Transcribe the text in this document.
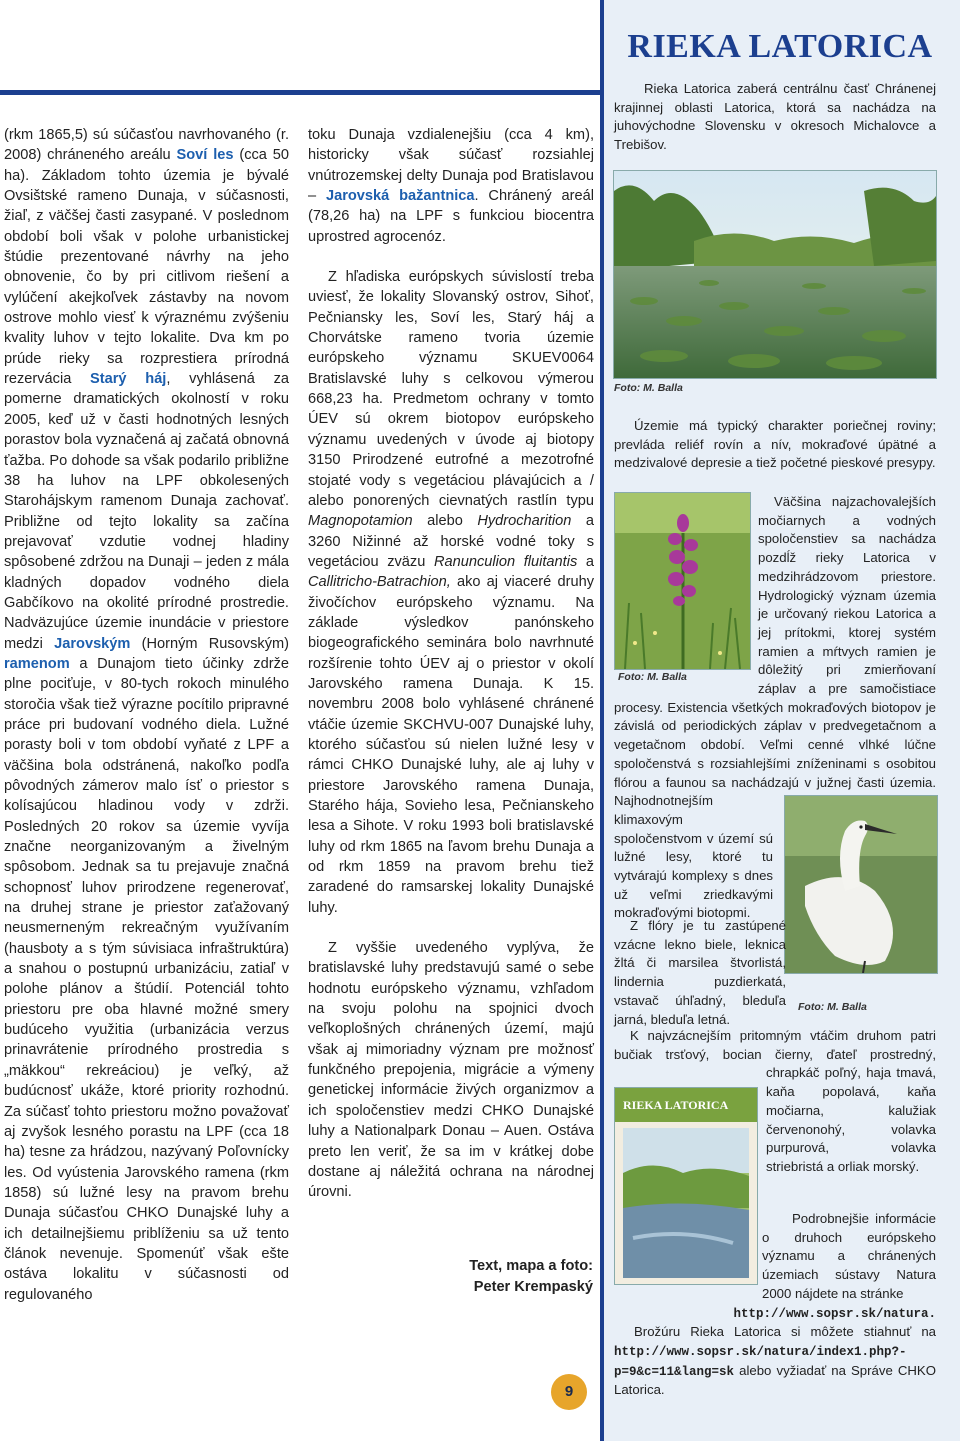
RIEKA LATORICA

(rkm 1865,5) sú súčasťou navrhovaného (r. 2008) chráneného areálu Soví les (cca 50 ha). Základom tohto územia je bývalé Ovsištské rameno Dunaja, v súčasnosti, žiaľ, z väčšej časti zasypané. V poslednom období boli však v polohe urbanistickej štúdie prezentované návrhy na jeho obnovenie, čo by pri citlivom riešení a vylúčení akejkoľvek zástavby na novom ostrove mohlo viesť k výraznému zvýšeniu kvality luhov v tejto lokalite. Dva km po prúde rieky sa rozprestiera prírodná rezervácia Starý háj, vyhlásená za pomerne dramatických okolností v roku 2005, keď už v časti hodnotných lesných porastov bola vyznačená aj začatá obnovná ťažba. Po dohode sa však podarilo približne 38 ha luhov na LPF obkolesených Starohájskym ramenom Dunaja zachovať. Približne od tejto lokality sa začína prejavovať vzdutie vodnej hladiny spôsobené zdržou na Dunaji – jeden z mála kladných dopadov vodného diela Gabčíkovo na okolité prírodné prostredie. Nadväzujúce územie inundácie v priestore medzi Jarovským (Horným Rusovským) ramenom a Dunajom tieto účinky zdrže plne pociťuje, v 80-tych rokoch minulého storočia však tiež výrazne pocítilo pripravné práce pri budovaní vodného diela. Lužné porasty boli v tom období vyňaté z LPF a väčšina bola odstránená, nakoľko podľa pôvodných zámerov malo ísť o priestor s kolísajúcou hladinou vody v zdrži. Posledných 20 rokov sa územie vyvíja značne neorganizovaným a živelným spôsobom. Jednak sa tu prejavuje značná schopnosť luhov prirodzene regenerovať, na druhej strane je priestor zaťažovaný neusmerneným rekreačným využívaním (hausboty a s tým súvisiaca infraštruktúra) a snahou o postupnú urbanizáciu, zatiaľ v polohe plánov a štúdií. Potenciál tohto priestoru pre oba hlavné možné smery budúceho využitia (urbanizácia verzus prinavrátenie prírodného prostredia s „mäkkou“ rekreáciou) je veľký, až budúcnosť ukáže, ktoré priority rozhodnú. Za súčasť tohto priestoru možno považovať aj zvyšok lesného porastu na LPF (cca 18 ha) tesne za hrádzou, nazývaný Poľovnícky les. Od vyústenia Jarovského ramena (rkm 1858) sú lužné lesy na pravom brehu Dunaja súčasťou CHKO Dunajské luhy a ich detailnejšiemu priblíženiu sa už tento článok nevenuje. Spomenúť však ešte ostáva lokalitu v súčasnosti od regulovaného

toku Dunaja vzdialenejšiu (cca 4 km), historicky však súčasť rozsiahlej vnútrozemskej delty Dunaja pod Bratislavou – Jarovská bažantnica. Chránený areál (78,26 ha) na LPF s funkciou biocentra uprostred agrocenóz.

Z hľadiska európskych súvislostí treba uviesť, že lokality Slovanský ostrov, Sihoť, Pečniansky les, Soví les, Starý háj a Chorvátske rameno tvoria územie európskeho významu SKUEV0064 Bratislavské luhy s celkovou výmerou 668,23 ha. Predmetom ochrany v tomto ÚEV sú okrem biotopov európskeho významu uvedených v úvode aj biotopy 3150 Prirodzené eutrofné a mezotrofné stojaté vody s vegetáciou plávajúcich a / alebo ponorených cievnatých rastlín typu Magnopotamion alebo Hydrocharition a 3260 Nižinné až horské vodné toky s vegetáciou zväzu Ranunculion fluitantis a Callitricho-Batrachion, ako aj viaceré druhy živočíchov európskeho významu. Na základe výsledkov panónskeho biogeografického seminára bolo navrhnuté rozšírenie tohto ÚEV aj o priestor v okolí Jarovského ramena Dunaja. K 15. novembru 2008 bolo vyhlásené chránené vtáčie územie SKCHVU-007 Dunajské luhy, ktorého súčasťou sú nielen lužné lesy v rámci CHKO Dunajské luhy, ale aj luhy v priestore Jarovského ramena Dunaja, Starého hája, Sovieho lesa, Pečnianskeho lesa a Sihote. V roku 1993 boli bratislavské luhy od rkm 1865 na ľavom brehu Dunaja a od rkm 1859 na pravom brehu tiež zaradené do ramsarskej lokality Dunajské luhy.

Z vyššie uvedeného vyplýva, že bratislavské luhy predstavujú samé o sebe hodnotu európskeho významu, vzhľadom na svoju polohu na spojnici dvoch veľkoplošných chránených území, majú však aj mimoriadny význam pre možnosť funkčného prepojenia, migrácie a výmeny genetickej informácie živých organizmov a ich spoločenstiev medzi CHKO Dunajské luhy a Nationalpark Donau – Auen. Ostáva preto len veriť, že sa im v krátkej dobe dostane aj náležitá ochrana na národnej úrovni.

Text, mapa a foto:
Peter Krempaský
9

Rieka Latorica zaberá centrálnu časť Chránenej krajinnej oblasti Latorica, ktorá sa nachádza na juhovýchodne Slovensku v okresoch Michalovce a Trebišov.

Foto: M. Balla

Územie má typický charakter poriečnej roviny; prevláda reliéf rovín a nív, mokraďové úpätné a medzivalové depresie a tiež početné pieskové presypy.

Foto: M. Balla

Väčšina najzachovalejších močiarnych a vodných spoločenstiev sa nachádza pozdĺž rieky Latorica v medzihrádzovom priestore. Hydrologický význam územia je určovaný riekou Latorica a jej prítokmi, ktorej systém ramien a mŕtvych ramien je dôležitý pri zmierňovaní záplav a pre samočistiace procesy. Existencia všetkých mokraďových biotopov je závislá od periodických záplav v predvegetačnom a vegetačnom období. Veľmi cenné vlhké lúčne spoločenstvá s rozsiahlejšími zníženinami s osobitou flórou a faunou sa nachádzajú v južnej časti územia. Najhodnotnejším klimaxovým spoločenstvom v území sú lužné lesy, ktoré tu vytvárajú komplexy s dnes už veľmi zriedkavými mokraďovými biotopmi.

Foto: M. Balla

Z flóry je tu zastúpené vzácne lekno biele, leknica žltá či marsilea štvorlistá, lindernia puzdierkatá, vstavač úhľadný, bleduľa jarná, bleduľa letná.

K najvzácnejším pritomným vtáčim druhom patri bučiak trsťový, bocian čierny, ďateľ prostredný, chrapkáč poľný, haja tmavá, kaňa popolavá, kaňa močiarna, kalužiak červenonohý, volavka purpurová, volavka striebristá a orliak morský.

RIEKA LATORICA

Podrobnejšie informácie o druhoch európskeho významu a chránených územiach sústavy Natura 2000 nájdete na stránke

http://www.sopsr.sk/natura.

Brožúru Rieka Latorica si môžete stiahnuť na http://www.sopsr.sk/natura/index1.php?-p=9&c=11&lang=sk alebo vyžiadať na Správe CHKO Latorica.
